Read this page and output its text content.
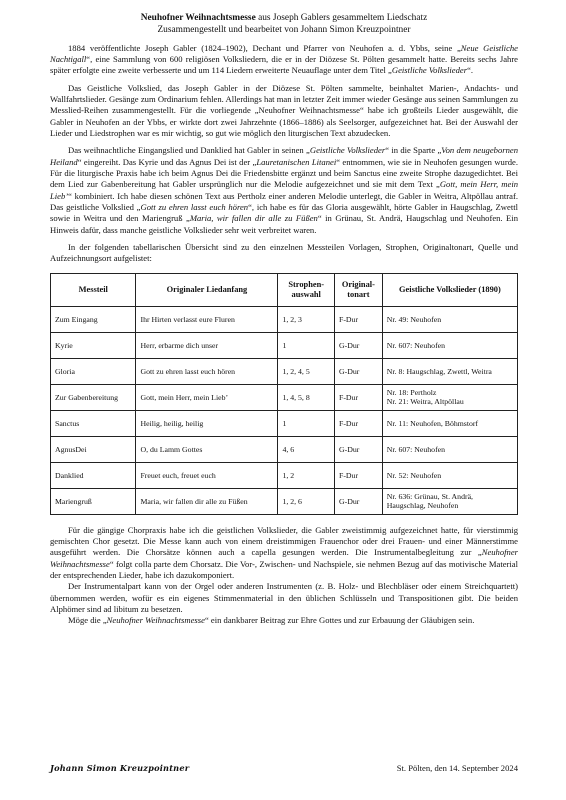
Neuhofner Weihnachtsmesse aus Joseph Gablers gesammeltem Liedschatz
Zusammengestellt und bearbeitet von Johann Simon Kreuzpointner

1884 veröffentlichte Joseph Gabler (1824–1902), Dechant und Pfarrer von Neuhofen a. d. Ybbs, seine „Neue Geistliche Nachtigall“, eine Sammlung von 600 religiösen Volksliedern, die er in der Diözese St. Pölten gesammelt hatte. Bereits sechs Jahre später erfolgte eine zweite verbesserte und um 114 Liedern erweiterte Neuauflage unter dem Titel „Geistliche Volkslieder“.

Das Geistliche Volkslied, das Joseph Gabler in der Diözese St. Pölten sammelte, beinhaltet Marien-, Andachts- und Wallfahrtslieder. Gesänge zum Ordinarium fehlen. Allerdings hat man in letzter Zeit immer wieder Gesänge aus seinen Sammlungen zu Messlied-Reihen zusammengestellt. Für die vorliegende „Neuhofner Weihnachtsmesse“ habe ich großteils Lieder ausgewählt, die Gabler in Neuhofen an der Ybbs, er wirkte dort zwei Jahrzehnte (1866–1886) als Seelsorger, aufgezeichnet hat. Bei der Auswahl der Lieder und Liedstrophen war es mir wichtig, so gut wie möglich den liturgischen Text abzudecken.

Das weihnachtliche Eingangslied und Danklied hat Gabler in seinen „Geistliche Volkslieder“ in die Sparte „Von dem neugebornen Heiland“ eingereiht. Das Kyrie und das Agnus Dei ist der „Lauretanischen Litanei“ entnommen, wie sie in Neuhofen gesungen wurde. Für die liturgische Praxis habe ich beim Agnus Dei die Friedensbitte ergänzt und beim Sanctus eine zweite Strophe dazugedichtet. Bei dem Lied zur Gabenbereitung hat Gabler ursprünglich nur die Melodie aufgezeichnet und sie mit dem Text „Gott, mein Herr, mein Lieb’“ kombiniert. Ich habe diesen schönen Text aus Pertholz einer anderen Melodie unterlegt, die Gabler in Weitra, Altpöllau antraf. Das geistliche Volkslied „Gott zu ehren lasst euch hören“, ich habe es für das Gloria ausgewählt, hörte Gabler in Haugschlag, Zwettl sowie in Weitra und den Mariengruß „Maria, wir fallen dir alle zu Füßen“ in Grünau, St. Andrä, Haugschlag und Neuhofen. Ein Hinweis dafür, dass manche geistliche Volkslieder sehr weit verbreitet waren.

In der folgenden tabellarischen Übersicht sind zu den einzelnen Messteilen Vorlagen, Strophen, Originaltonart, Quelle und Aufzeichnungsort aufgelistet:

Messteil	Originaler Liedanfang	Strophen-auswahl	Original-tonart	Geistliche Volkslieder (1890)
Zum Eingang	Ihr Hirten verlasst eure Fluren	1, 2, 3	F-Dur	Nr. 49: Neuhofen

Kyrie	Herr, erbarme dich unser	1	G-Dur	Nr. 607: Neuhofen

Gloria	Gott zu ehren lasst euch hören	1, 2, 4, 5	G-Dur	Nr. 8: Haugschlag, Zwettl, Weitra

Zur Gabenbereitung	Gott, mein Herr, mein Lieb’	1, 4, 5, 8	F-Dur	Nr. 18: Pertholz
Nr. 21: Weitra, Altpöllau

Sanctus	Heilig, heilig, heilig	1	F-Dur	Nr. 11: Neuhofen, Böhmstorf

AgnusDei	O, du Lamm Gottes	4, 6	G-Dur	Nr. 607: Neuhofen

Danklied	Freuet euch, freuet euch	1, 2	F-Dur	Nr. 52: Neuhofen

Mariengruß	Maria, wir fallen dir alle zu Füßen	1, 2, 6	G-Dur	Nr. 636: Grünau, St. Andrä,
Haugschlag, Neuhofen

Für die gängige Chorpraxis habe ich die geistlichen Volkslieder, die Gabler zweistimmig aufgezeichnet hatte, für vierstimmig gemischten Chor gesetzt. Die Messe kann auch von einem dreistimmigen Frauenchor oder drei Frauen- und einer Männerstimme ausgeführt werden. Die Chorsätze können auch a capella gesungen werden. Die Instrumentalbegleitung zur „Neuhofner Weihnachtsmesse“ folgt colla parte dem Chorsatz. Die Vor-, Zwischen- und Nachspiele, sie nehmen Bezug auf das motivische Material der entsprechenden Lieder, habe ich dazukomponiert.

Der Instrumentalpart kann von der Orgel oder anderen Instrumenten (z. B. Holz- und Blechbläser oder einem Streichquartett) übernommen werden, wofür es ein eigenes Stimmenmaterial in den üblichen Schlüsseln und Transpositionen gibt. Die beiden Alphömer sind ad libitum zu besetzen.

Möge die „Neuhofner Weihnachtsmesse“ ein dankbarer Beitrag zur Ehre Gottes und zur Erbauung der Gläubigen sein.

Johann Simon Kreuzpointner	St. Pölten, den 14. September 2024
